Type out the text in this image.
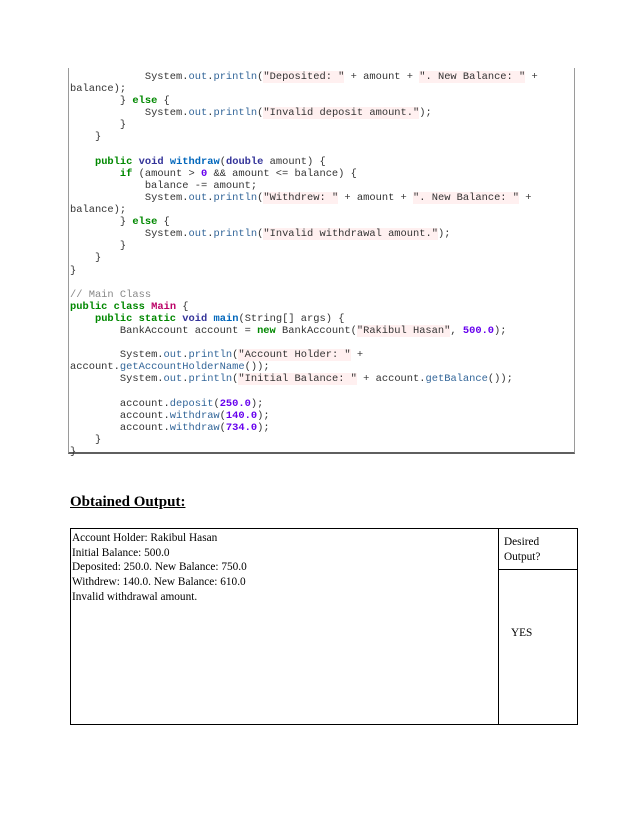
System.out.println("Deposited: " + amount + ". New Balance: " +
balance);
} else {
System.out.println("Invalid deposit amount.");
}
}
public void withdraw(double amount) {
if (amount > 0 && amount <= balance) {
balance -= amount;
System.out.println("Withdrew: " + amount + ". New Balance: " +
balance);
} else {
System.out.println("Invalid withdrawal amount.");
}
}
}
// Main Class
public class Main {
public static void main(String[] args) {
BankAccount account = new BankAccount("Rakibul Hasan", 500.0);
System.out.println("Account Holder: " +
account.getAccountHolderName());
System.out.println("Initial Balance: " + account.getBalance());
account.deposit(250.0);
account.withdraw(140.0);
account.withdraw(734.0);
}
}
Obtained Output:
Account Holder: Rakibul Hasan
Initial Balance: 500.0
Deposited: 250.0. New Balance: 750.0
Withdrew: 140.0. New Balance: 610.0
Invalid withdrawal amount.
Desired
Output?
YES
